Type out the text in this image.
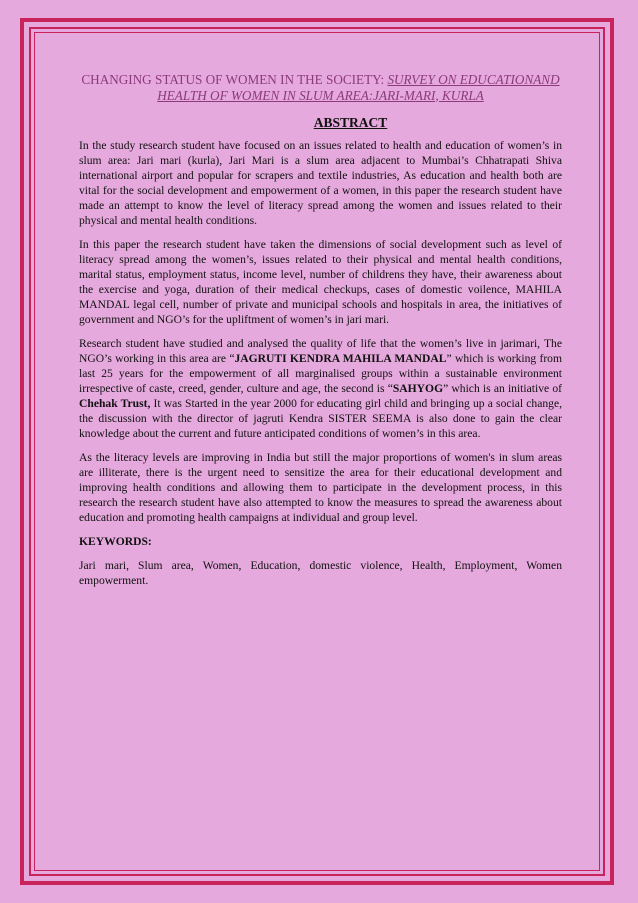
CHANGING STATUS OF WOMEN IN THE SOCIETY: SURVEY ON EDUCATIONAND HEALTH OF WOMEN IN SLUM AREA:JARI-MARI, KURLA
ABSTRACT

In the study research student have focused on an issues related to health and education of women’s in slum area: Jari mari (kurla), Jari Mari is a slum area adjacent to Mumbai’s Chhatrapati Shiva international airport and popular for scrapers and textile industries, As education and health both are vital for the social development and empowerment of a women, in this paper the research student have made an attempt to know the level of literacy spread among the women and issues related to their physical and mental health conditions.

In this paper the research student have taken the dimensions of social development such as level of literacy spread among the women’s, issues related to their physical and mental health conditions, marital status, employment status, income level, number of childrens they have, their awareness about the exercise and yoga, duration of their medical checkups, cases of domestic voilence, MAHILA MANDAL legal cell, number of private and municipal schools and hospitals in area, the initiatives of government and NGO’s for the upliftment of women’s in jari mari.

Research student have studied and analysed the quality of life that the women’s live in jarimari, The NGO’s working in this area are “JAGRUTI KENDRA MAHILA MANDAL” which is working from last 25 years for the empowerment of all marginalised groups within a sustainable environment irrespective of caste, creed, gender, culture and age, the second is “SAHYOG” which is an initiative of Chehak Trust, It was Started in the year 2000 for educating girl child and bringing up a social change, the discussion with the director of jagruti Kendra SISTER SEEMA is also done to gain the clear knowledge about the current and future anticipated conditions of women’s in this area.

As the literacy levels are improving in India but still the major proportions of women's in slum areas are illiterate, there is the urgent need to sensitize the area for their educational development and improving health conditions and allowing them to participate in the development process, in this research the research student have also attempted to know the measures to spread the awareness about education and promoting health campaigns at individual and group level.

KEYWORDS:

Jari mari, Slum area, Women, Education, domestic violence, Health, Employment, Women empowerment.
